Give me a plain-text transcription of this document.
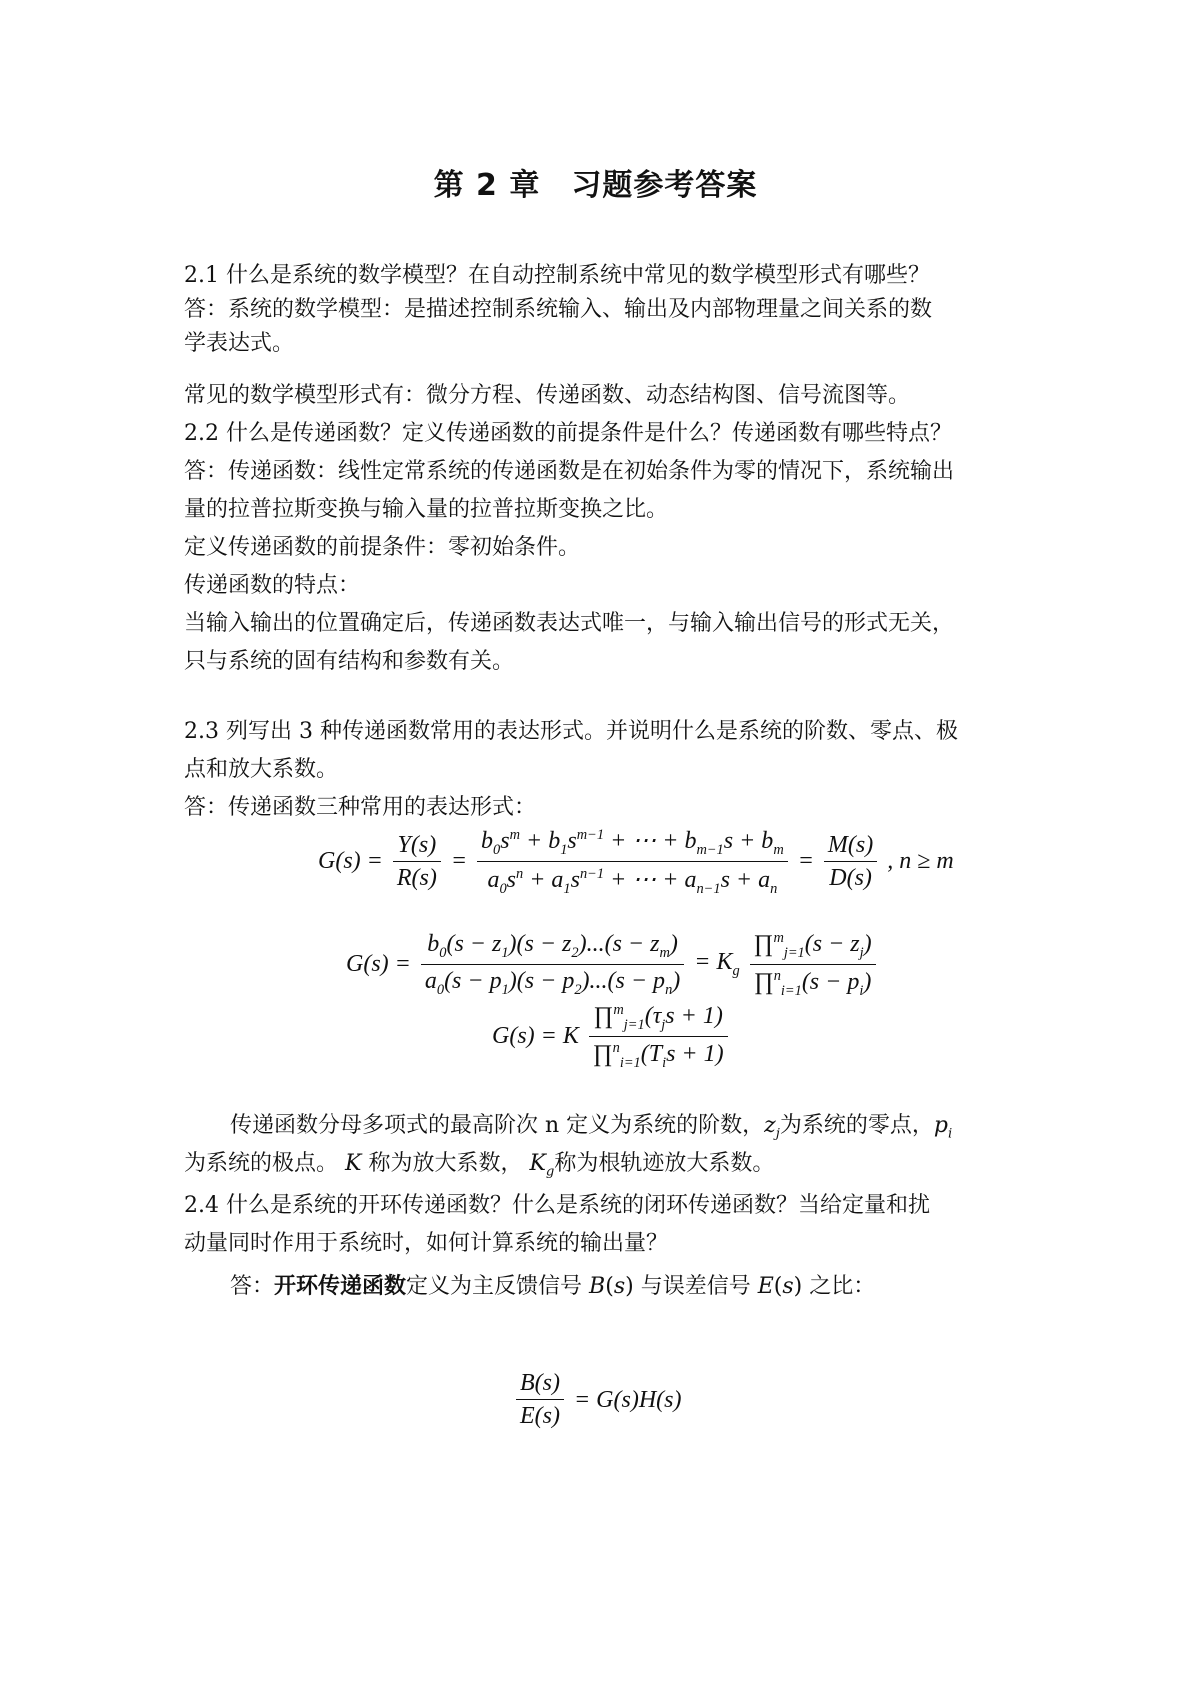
第 2 章　习题参考答案
2.1 什么是系统的数学模型？在自动控制系统中常见的数学模型形式有哪些？
答：系统的数学模型：是描述控制系统输入、输出及内部物理量之间关系的数
学表达式。
常见的数学模型形式有：微分方程、传递函数、动态结构图、信号流图等。
2.2 什么是传递函数？定义传递函数的前提条件是什么？传递函数有哪些特点？
答：传递函数：线性定常系统的传递函数是在初始条件为零的情况下，系统输出
量的拉普拉斯变换与输入量的拉普拉斯变换之比。
定义传递函数的前提条件：零初始条件。
传递函数的特点：
当输入输出的位置确定后，传递函数表达式唯一，与输入输出信号的形式无关，
只与系统的固有结构和参数有关。
2.3 列写出 3 种传递函数常用的表达形式。并说明什么是系统的阶数、零点、极
点和放大系数。
答：传递函数三种常用的表达形式：
$G(s) = \frac{Y(s)}{R(s)} = \frac{b_0s^m + b_1s^{m-1} + \cdots + b_{m-1}s + b_m}{a_0s^n + a_1s^{n-1} + \cdots + a_{n-1}s + a_n} = \frac{M(s)}{D(s)}$ , n ≥ m
$G(s) = \frac{b_0(s - z_1)(s - z_2)...(s - z_m)}{a_0(s - p_1)(s - p_2)...(s - p_n)} = K_g \frac{\prod^m_{j=1}(s - z_j)}{\prod^n_{i=1}(s - p_i)}$
G(s) = K $\frac{\prod^m_{j=1}(\tau_js + 1)}{\prod^n_{i=1}(T_is + 1)}$
传递函数分母多项式的最高阶次 n 定义为系统的阶数，$z_j$为系统的零点，$p_i$
为系统的极点。 K 称为放大系数， $K_g$称为根轨迹放大系数。
2.4 什么是系统的开环传递函数？什么是系统的闭环传递函数？当给定量和扰
动量同时作用于系统时，如何计算系统的输出量？
答：开环传递函数定义为主反馈信号 B(s) 与误差信号 E(s) 之比：
$\frac{B(s)}{E(s)} = G(s)H(s)$
